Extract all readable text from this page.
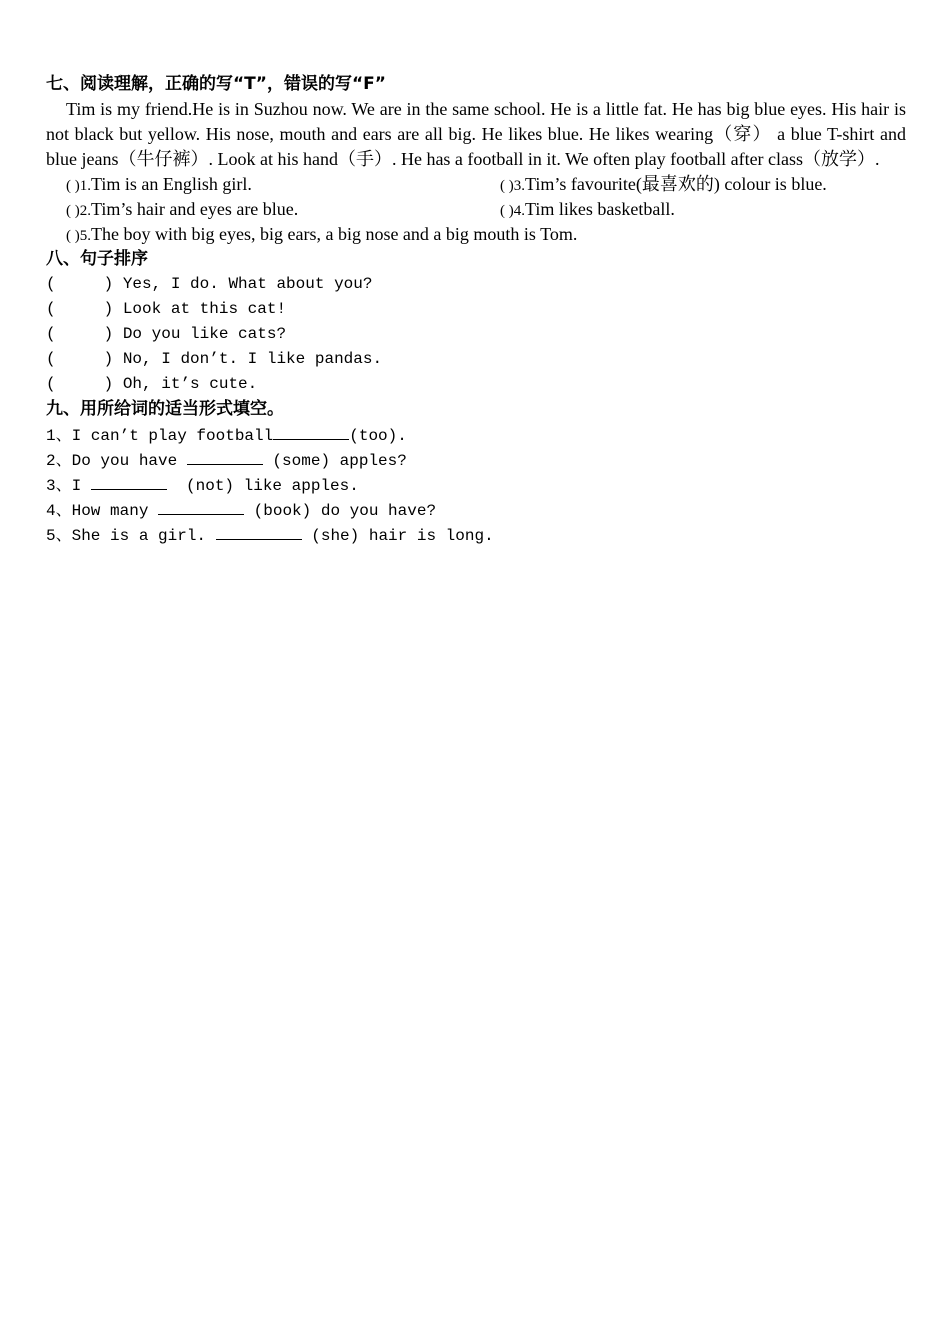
七、阅读理解，正确的写“T”，错误的写“F”

Tim is my friend.He is in Suzhou now. We are in the same school. He is a little fat. He has big blue eyes. His hair is not black but yellow. His nose, mouth and ears are all big. He likes blue. He likes wearing（穿） a blue T-shirt and blue jeans（牛仔裤）. Look at his hand（手）. He has a football in it. We often play football after class（放学）.

( )1.Tim is an English girl.	( )3.Tim’s favourite(最喜欢的) colour is blue.
( )2.Tim’s hair and eyes are blue.	( )4.Tim likes basketball.
( )5.The boy with big eyes, big ears, a big nose and a big mouth is Tom.
八、句子排序
(     ) Yes, I do. What about you?
(     ) Look at this cat!
(     ) Do you like cats?
(     ) No, I don’t. I like pandas.
(     ) Oh, it’s cute.
九、用所给词的适当形式填空。
1、I can’t play football	(too).
2、Do you have	(some) apples?
3、I	(not) like apples.
4、How many	(book) do you have?
5、She is a girl.	(she) hair is long.
